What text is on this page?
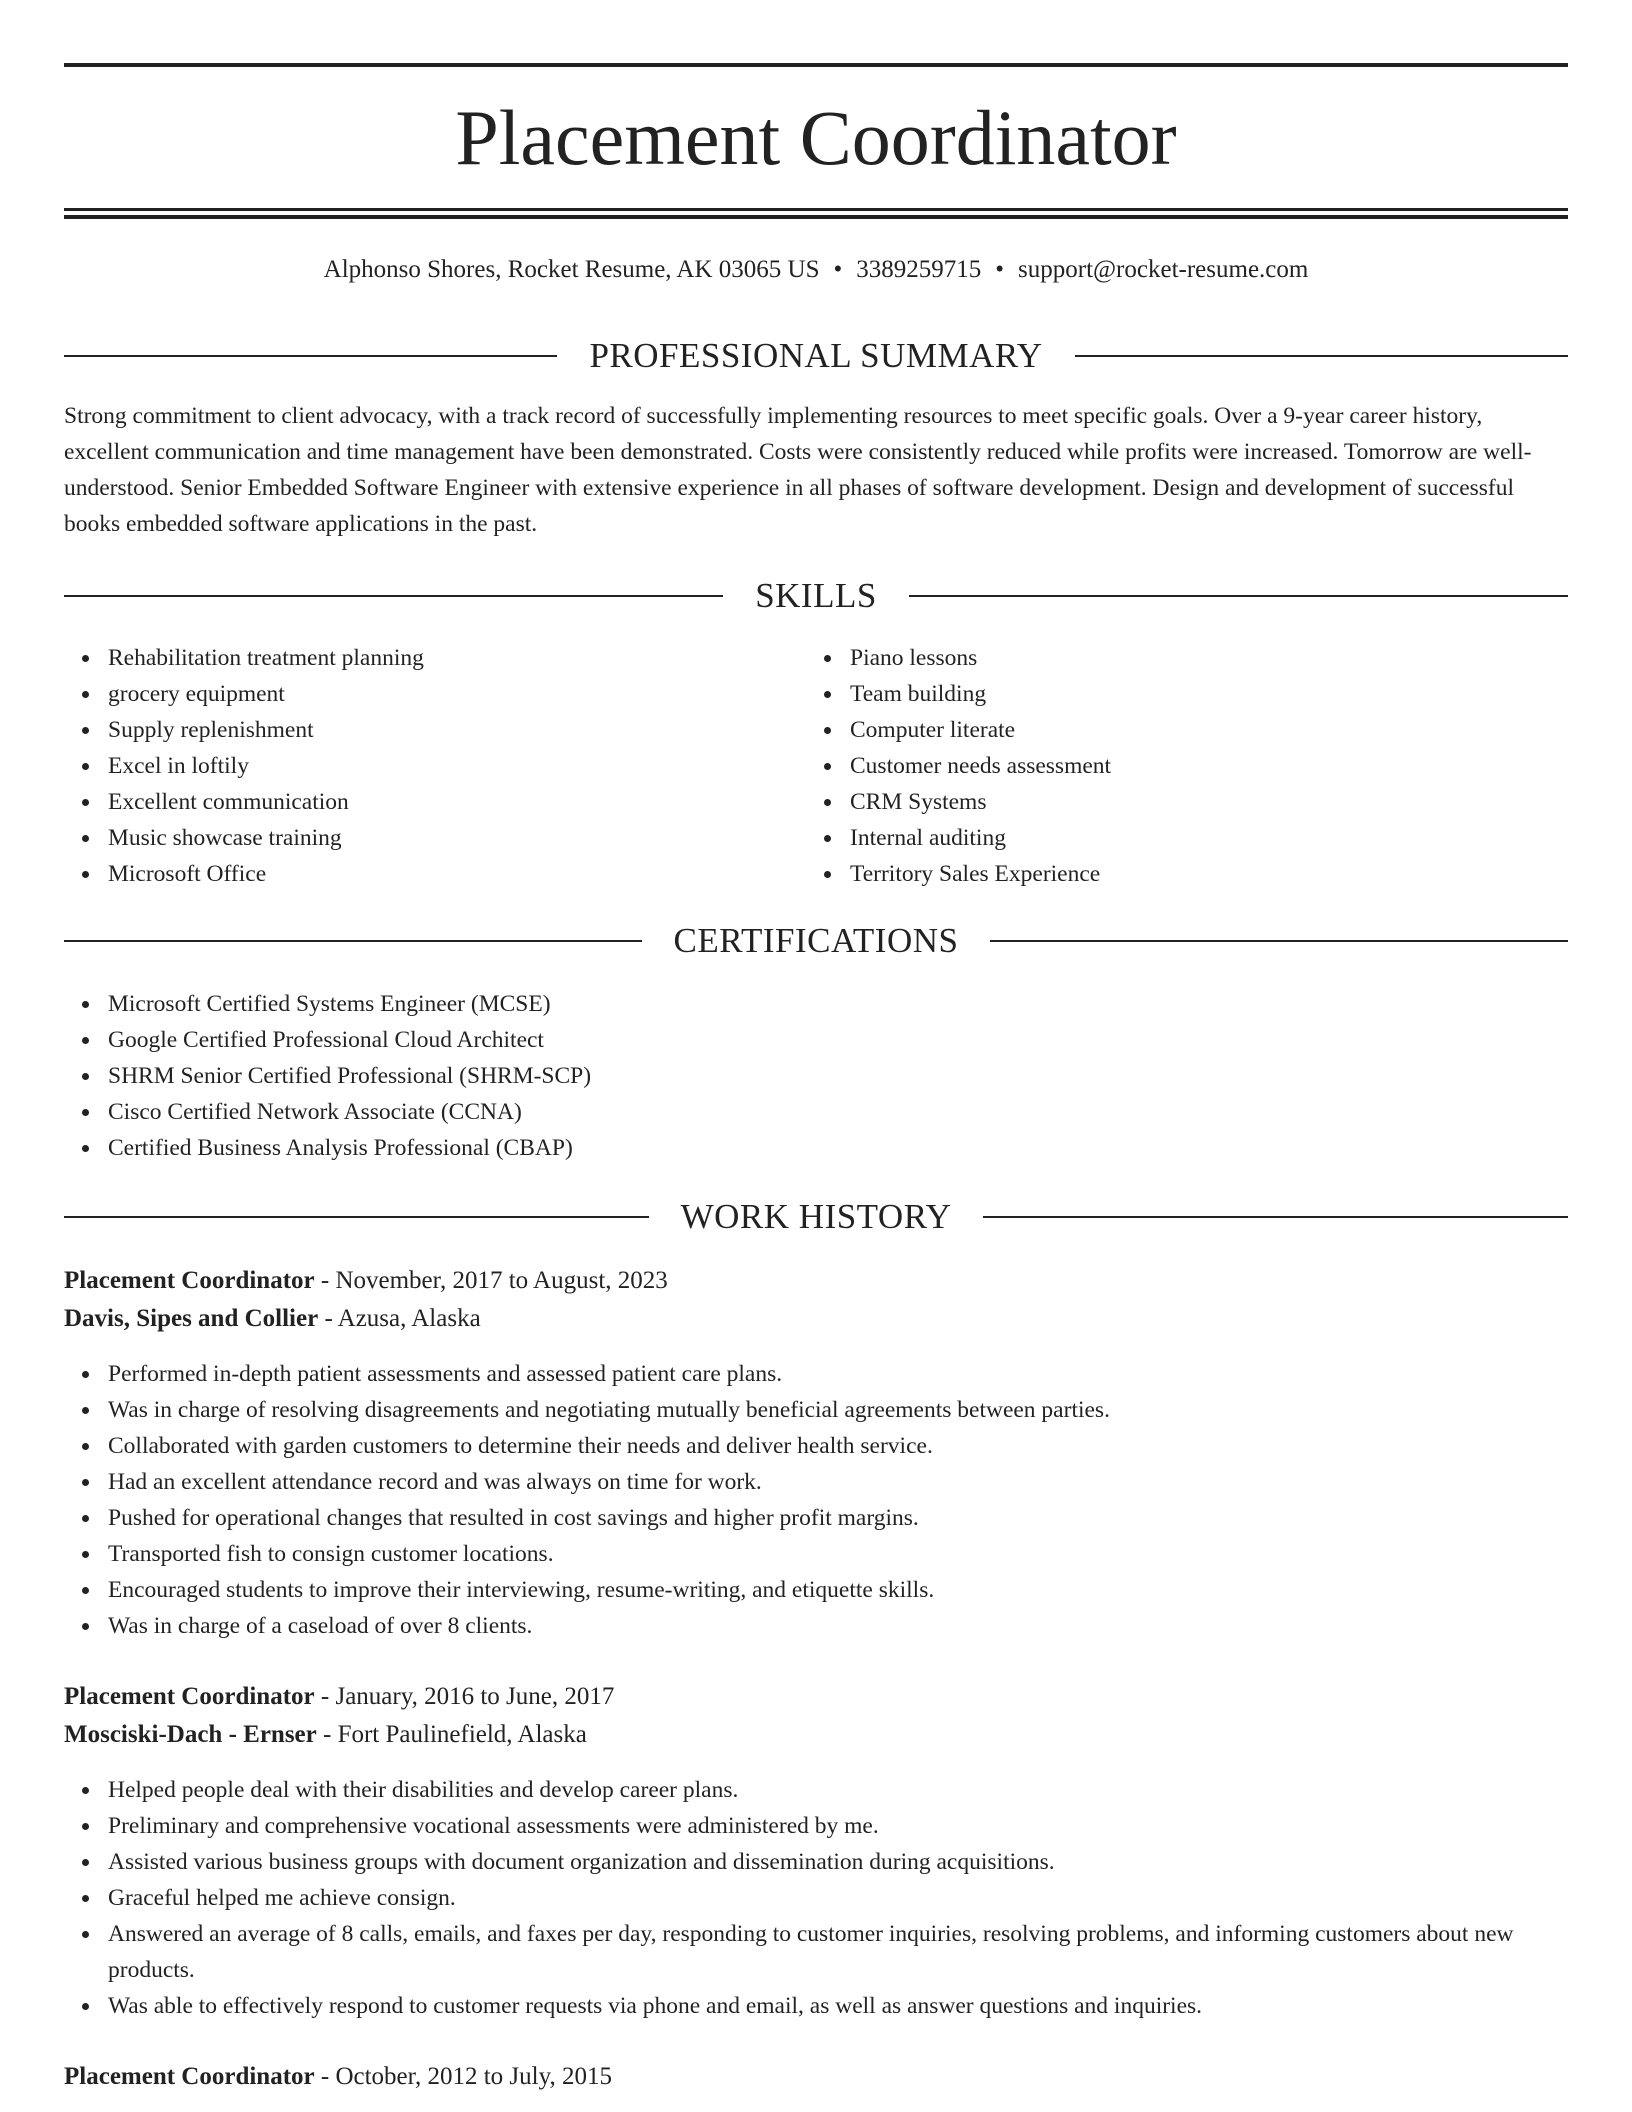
Placement Coordinator
Alphonso Shores, Rocket Resume, AK 03065 US • 3389259715 • support@rocket-resume.com
PROFESSIONAL SUMMARY

Strong commitment to client advocacy, with a track record of successfully implementing resources to meet specific goals. Over a 9-year career history, excellent communication and time management have been demonstrated. Costs were consistently reduced while profits were increased. Tomorrow are well-understood. Senior Embedded Software Engineer with extensive experience in all phases of software development. Design and development of successful books embedded software applications in the past.

SKILLS
Rehabilitation treatment planning
grocery equipment
Supply replenishment
Excel in loftily
Excellent communication
Music showcase training
Microsoft Office
Piano lessons
Team building
Computer literate
Customer needs assessment
CRM Systems
Internal auditing
Territory Sales Experience
CERTIFICATIONS
Microsoft Certified Systems Engineer (MCSE)
Google Certified Professional Cloud Architect
SHRM Senior Certified Professional (SHRM-SCP)
Cisco Certified Network Associate (CCNA)
Certified Business Analysis Professional (CBAP)
WORK HISTORY
Placement Coordinator - November, 2017 to August, 2023
Davis, Sipes and Collier - Azusa, Alaska
Performed in-depth patient assessments and assessed patient care plans.
Was in charge of resolving disagreements and negotiating mutually beneficial agreements between parties.
Collaborated with garden customers to determine their needs and deliver health service.
Had an excellent attendance record and was always on time for work.
Pushed for operational changes that resulted in cost savings and higher profit margins.
Transported fish to consign customer locations.
Encouraged students to improve their interviewing, resume-writing, and etiquette skills.
Was in charge of a caseload of over 8 clients.
Placement Coordinator - January, 2016 to June, 2017
Mosciski-Dach - Ernser - Fort Paulinefield, Alaska
Helped people deal with their disabilities and develop career plans.
Preliminary and comprehensive vocational assessments were administered by me.
Assisted various business groups with document organization and dissemination during acquisitions.
Graceful helped me achieve consign.
Answered an average of 8 calls, emails, and faxes per day, responding to customer inquiries, resolving problems, and informing customers about new products.
Was able to effectively respond to customer requests via phone and email, as well as answer questions and inquiries.
Placement Coordinator - October, 2012 to July, 2015
